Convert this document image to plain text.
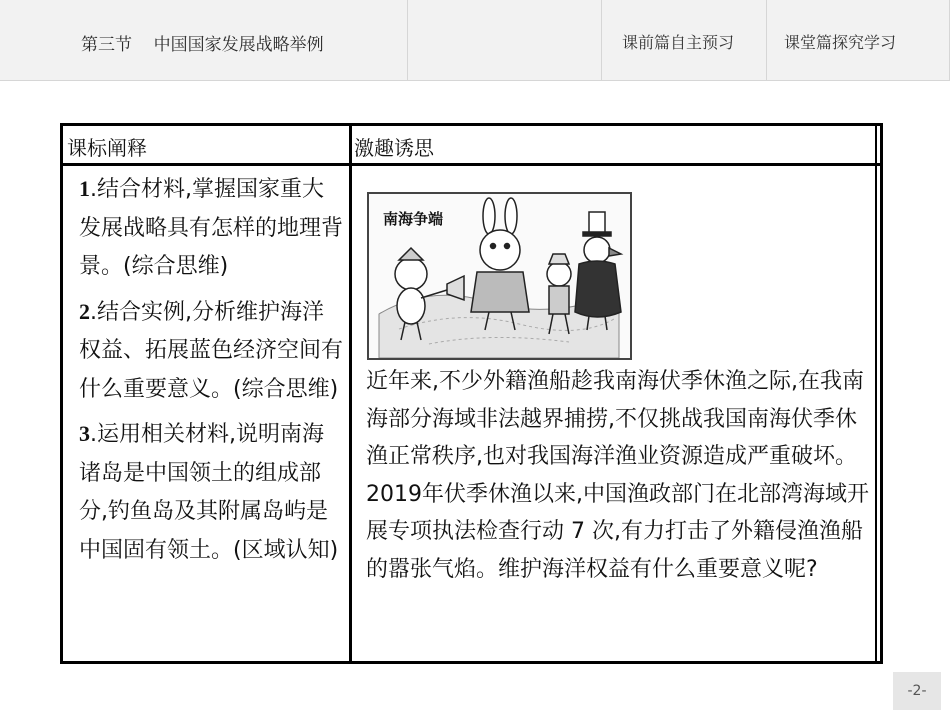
第三节    中国国家发展战略举例	课前篇自主预习	课堂篇探究学习
课标阐释	激趣诱思

1.结合材料,掌握国家重大发展战略具有怎样的地理背景。(综合思维)

2.结合实例,分析维护海洋权益、拓展蓝色经济空间有什么重要意义。(综合思维)

3.运用相关材料,说明南海诸岛是中国领土的组成部分,钓鱼岛及其附属岛屿是中国固有领土。(区域认知)

南海争端
近年来,不少外籍渔船趁我南海伏季休渔之际,在我南海部分海域非法越界捕捞,不仅挑战我国南海伏季休渔正常秩序,也对我国海洋渔业资源造成严重破坏。2019年伏季休渔以来,中国渔政部门在北部湾海域开展专项执法检查行动 7 次,有力打击了外籍侵渔渔船的嚣张气焰。维护海洋权益有什么重要意义呢?
-2-
